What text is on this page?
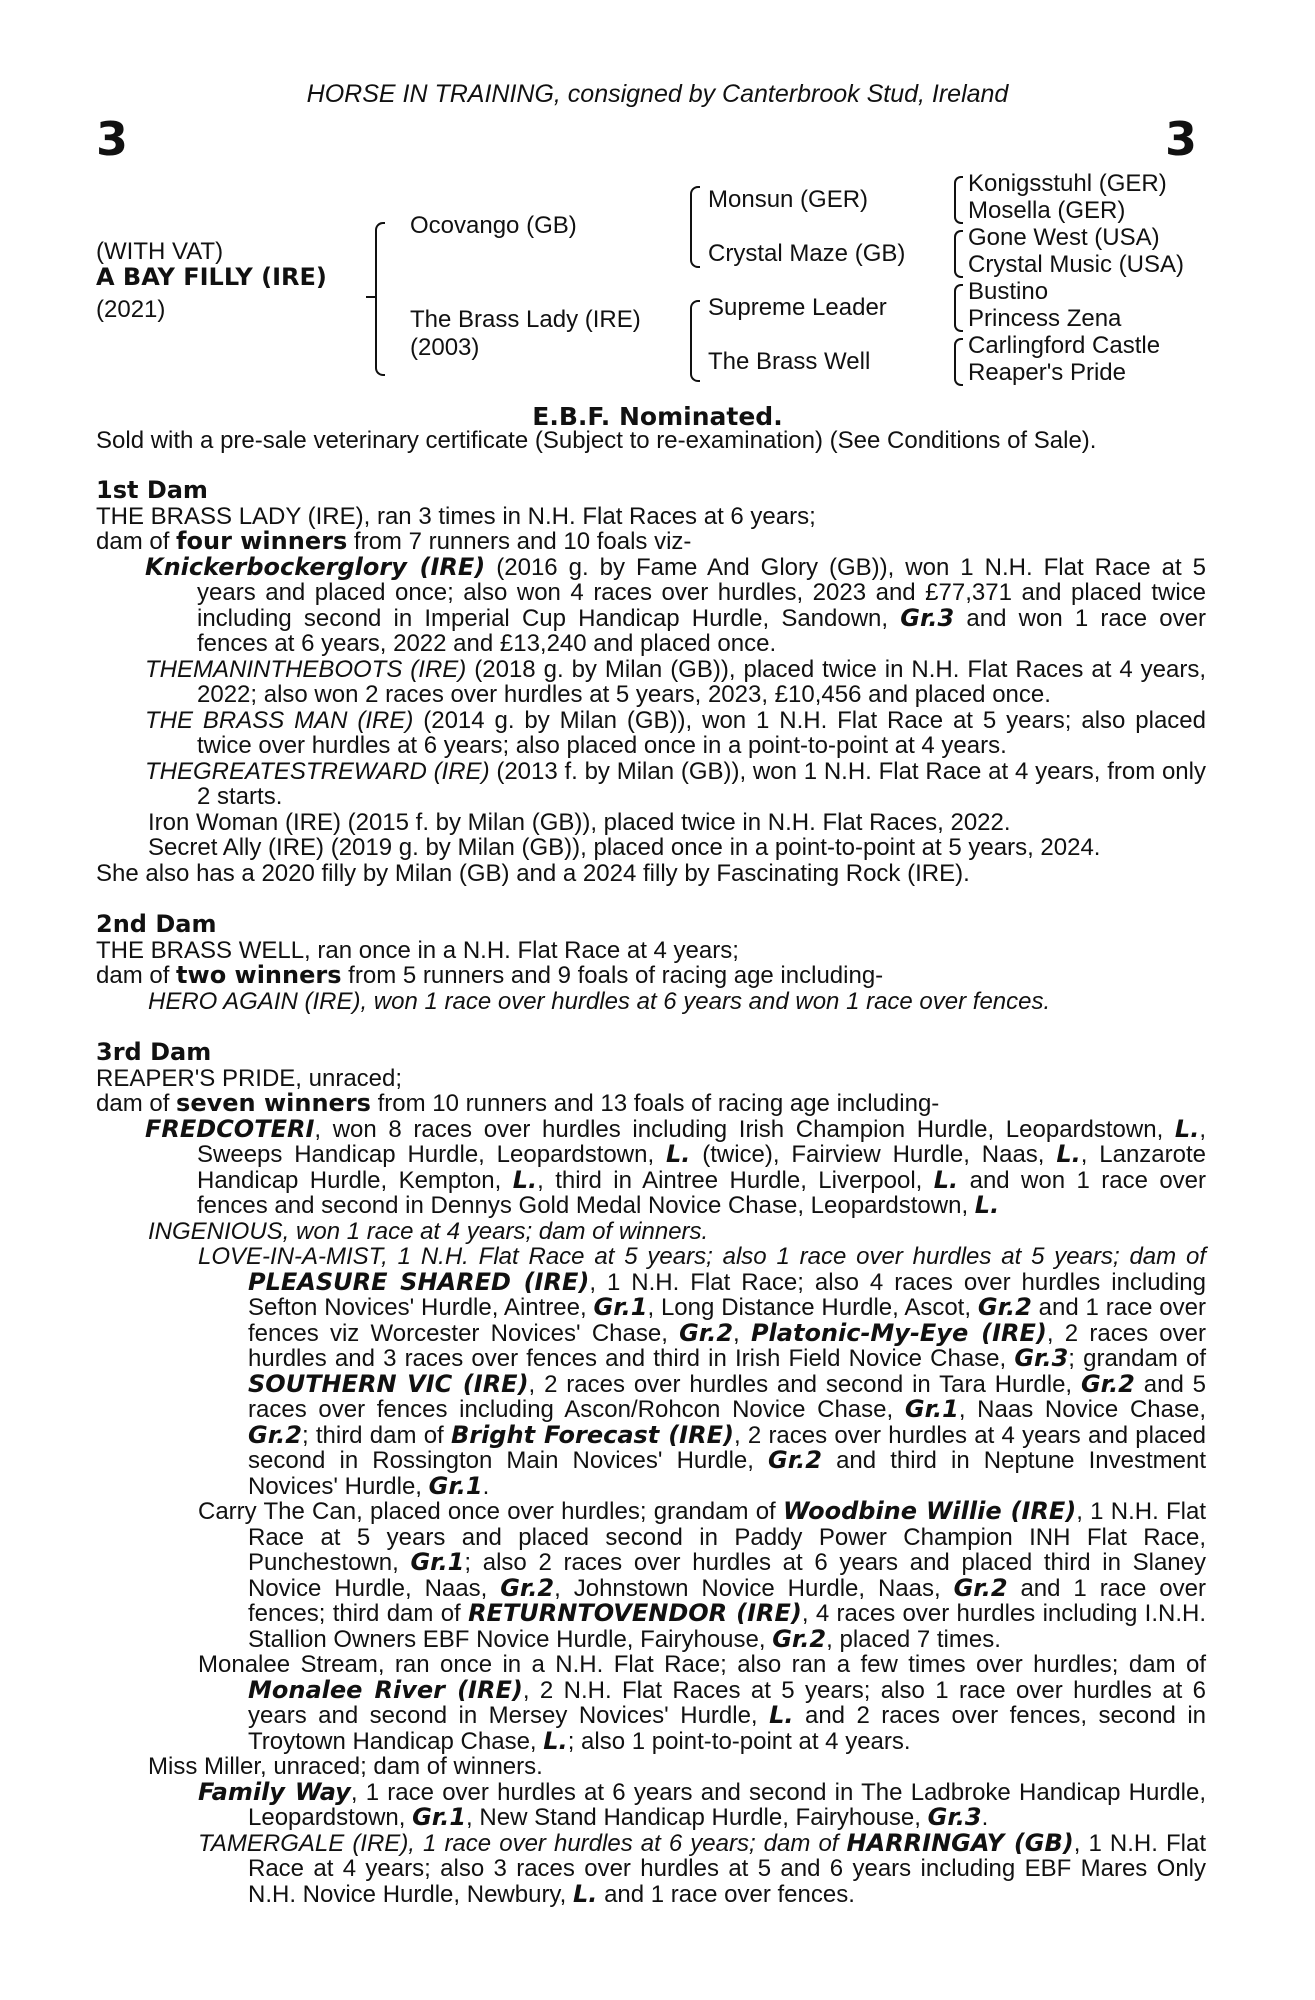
HORSE IN TRAINING, consigned by Canterbrook Stud, Ireland
3	3
(WITH VAT)
A BAY FILLY (IRE)
(2021)
Ocovango (GB)
The Brass Lady (IRE)
(2003)
Monsun (GER)
Crystal Maze (GB)
Supreme Leader
The Brass Well
Konigsstuhl (GER)
Mosella (GER)
Gone West (USA)
Crystal Music (USA)
Bustino
Princess Zena
Carlingford Castle
Reaper's Pride
E.B.F. Nominated.
Sold with a pre-sale veterinary certificate (Subject to re-examination) (See Conditions of Sale).
1st Dam

THE BRASS LADY (IRE), ran 3 times in N.H. Flat Races at 6 years;

dam of four winners from 7 runners and 10 foals viz-

Knickerbockerglory (IRE) (2016 g. by Fame And Glory (GB)), won 1 N.H. Flat Race at 5 years and placed once; also won 4 races over hurdles, 2023 and £77,371 and placed twice including second in Imperial Cup Handicap Hurdle, Sandown, Gr.3 and won 1 race over fences at 6 years, 2022 and £13,240 and placed once.

THEMANINTHEBOOTS (IRE) (2018 g. by Milan (GB)), placed twice in N.H. Flat Races at 4 years, 2022; also won 2 races over hurdles at 5 years, 2023, £10,456 and placed once.

THE BRASS MAN (IRE) (2014 g. by Milan (GB)), won 1 N.H. Flat Race at 5 years; also placed twice over hurdles at 6 years; also placed once in a point-to-point at 4 years.

THEGREATESTREWARD (IRE) (2013 f. by Milan (GB)), won 1 N.H. Flat Race at 4 years, from only 2 starts.

Iron Woman (IRE) (2015 f. by Milan (GB)), placed twice in N.H. Flat Races, 2022.

Secret Ally (IRE) (2019 g. by Milan (GB)), placed once in a point-to-point at 5 years, 2024.

She also has a 2020 filly by Milan (GB) and a 2024 filly by Fascinating Rock (IRE).

2nd Dam

THE BRASS WELL, ran once in a N.H. Flat Race at 4 years;

dam of two winners from 5 runners and 9 foals of racing age including-

HERO AGAIN (IRE), won 1 race over hurdles at 6 years and won 1 race over fences.

3rd Dam

REAPER'S PRIDE, unraced;

dam of seven winners from 10 runners and 13 foals of racing age including-

FREDCOTERI, won 8 races over hurdles including Irish Champion Hurdle, Leopardstown, L., Sweeps Handicap Hurdle, Leopardstown, L. (twice), Fairview Hurdle, Naas, L., Lanzarote Handicap Hurdle, Kempton, L., third in Aintree Hurdle, Liverpool, L. and won 1 race over fences and second in Dennys Gold Medal Novice Chase, Leopardstown, L.

INGENIOUS, won 1 race at 4 years; dam of winners.

LOVE-IN-A-MIST, 1 N.H. Flat Race at 5 years; also 1 race over hurdles at 5 years; dam of PLEASURE SHARED (IRE), 1 N.H. Flat Race; also 4 races over hurdles including Sefton Novices' Hurdle, Aintree, Gr.1, Long Distance Hurdle, Ascot, Gr.2 and 1 race over fences viz Worcester Novices' Chase, Gr.2, Platonic-My-Eye (IRE), 2 races over hurdles and 3 races over fences and third in Irish Field Novice Chase, Gr.3; grandam of SOUTHERN VIC (IRE), 2 races over hurdles and second in Tara Hurdle, Gr.2 and 5 races over fences including Ascon/Rohcon Novice Chase, Gr.1, Naas Novice Chase, Gr.2; third dam of Bright Forecast (IRE), 2 races over hurdles at 4 years and placed second in Rossington Main Novices' Hurdle, Gr.2 and third in Neptune Investment Novices' Hurdle, Gr.1.

Carry The Can, placed once over hurdles; grandam of Woodbine Willie (IRE), 1 N.H. Flat Race at 5 years and placed second in Paddy Power Champion INH Flat Race, Punchestown, Gr.1; also 2 races over hurdles at 6 years and placed third in Slaney Novice Hurdle, Naas, Gr.2, Johnstown Novice Hurdle, Naas, Gr.2 and 1 race over fences; third dam of RETURNTOVENDOR (IRE), 4 races over hurdles including I.N.H. Stallion Owners EBF Novice Hurdle, Fairyhouse, Gr.2, placed 7 times.

Monalee Stream, ran once in a N.H. Flat Race; also ran a few times over hurdles; dam of Monalee River (IRE), 2 N.H. Flat Races at 5 years; also 1 race over hurdles at 6 years and second in Mersey Novices' Hurdle, L. and 2 races over fences, second in Troytown Handicap Chase, L.; also 1 point-to-point at 4 years.

Miss Miller, unraced; dam of winners.

Family Way, 1 race over hurdles at 6 years and second in The Ladbroke Handicap Hurdle, Leopardstown, Gr.1, New Stand Handicap Hurdle, Fairyhouse, Gr.3.

TAMERGALE (IRE), 1 race over hurdles at 6 years; dam of HARRINGAY (GB), 1 N.H. Flat Race at 4 years; also 3 races over hurdles at 5 and 6 years including EBF Mares Only N.H. Novice Hurdle, Newbury, L. and 1 race over fences.
